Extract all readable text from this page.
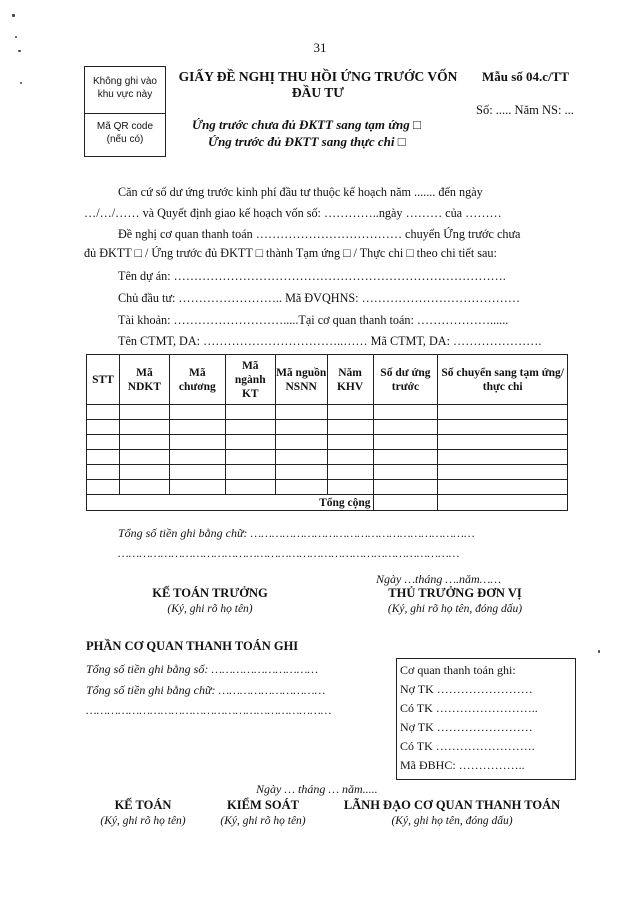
31
Không ghi vào khu vực này
Mã QR code (nếu có)
GIẤY ĐỀ NGHỊ THU HỒI ỨNG TRƯỚC VỐN
ĐẦU TƯ
Mẫu số 04.c/TT
Số: ..... Năm NS: ...
Ứng trước chưa đủ ĐKTT sang tạm ứng □
Ứng trước đủ ĐKTT sang thực chi □
Căn cứ số dư ứng trước kinh phí đầu tư thuộc kế hoạch năm ....... đến ngày
…/…/…… và Quyết định giao kế hoạch vốn số: …………..ngày ……… của ………
Đề nghị cơ quan thanh toán ……………………………… chuyển Ứng trước chưa
đủ ĐKTT □ / Ứng trước đủ ĐKTT □ thành Tạm ứng □ / Thực chi □ theo chi tiết sau:
Tên dự án: ……………………………………………………………………….
Chủ đầu tư: …………………….. Mã ĐVQHNS: …………………………………
Tài khoản: ……………………….....Tại cơ quan thanh toán: ………………......
Tên CTMT, DA: ……………………………..…… Mã CTMT, DA: ………………….
STT	Mã NDKT	Mã chương	Mã ngành KT	Mã nguồn NSNN	Năm KHV	Số dư ứng trước	Số chuyển sang tạm ứng/ thực chi

Tổng cộng							
Tổng số tiền ghi bằng chữ: ………………………………………………………
……………………………………………………………………………………
Ngày …tháng ….năm……
KẾ TOÁN TRƯỞNG
(Ký, ghi rõ họ tên)
THỦ TRƯỞNG ĐƠN VỊ
(Ký, ghi rõ họ tên, đóng dấu)
PHẦN CƠ QUAN THANH TOÁN GHI
Tổng số tiền ghi bằng số: …………………………
Tổng số tiền ghi bằng chữ: …………………………
……………………………………………………………
Cơ quan thanh toán ghi:
Nợ TK ……………………
Có TK ……………………..
Nợ TK ……………………
Có TK …………………….
Mã ĐBHC: ……………..
Ngày … tháng … năm.....
KẾ TOÁN
(Ký, ghi rõ họ tên)
KIỂM SOÁT
(Ký, ghi rõ họ tên)
LÃNH ĐẠO CƠ QUAN THANH TOÁN
(Ký, ghi họ tên, đóng dấu)
